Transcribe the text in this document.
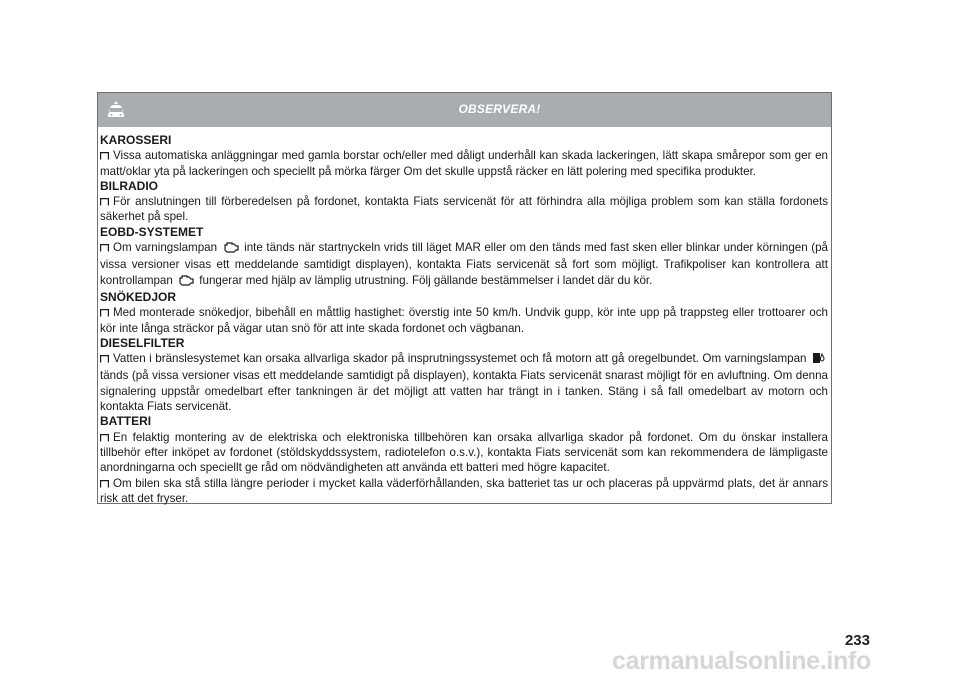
OBSERVERA!

KAROSSERI

Vissa automatiska anläggningar med gamla borstar och/eller med dåligt underhåll kan skada lackeringen, lätt skapa smårepor som ger en matt/oklar yta på lackeringen och speciellt på mörka färger Om det skulle uppstå räcker en lätt polering med specifika produkter.

BILRADIO

För anslutningen till förberedelsen på fordonet, kontakta Fiats servicenät för att förhindra alla möjliga problem som kan ställa fordonets säkerhet på spel.

EOBD-SYSTEMET

Om varningslampan inte tänds när startnyckeln vrids till läget MAR eller om den tänds med fast sken eller blinkar under körningen (på vissa versioner visas ett meddelande samtidigt displayen), kontakta Fiats servicenät så fort som möjligt. Trafikpoliser kan kontrollera att kontrollampan fungerar med hjälp av lämplig utrustning. Följ gällande bestämmelser i landet där du kör.

SNÖKEDJOR

Med monterade snökedjor, bibehåll en måttlig hastighet: överstig inte 50 km/h. Undvik gupp, kör inte upp på trappsteg eller trottoarer och kör inte långa sträckor på vägar utan snö för att inte skada fordonet och vägbanan.

DIESELFILTER

Vatten i bränslesystemet kan orsaka allvarliga skador på insprutningssystemet och få motorn att gå oregelbundet. Om varningslampan  tänds (på vissa versioner visas ett meddelande samtidigt på displayen), kontakta Fiats servicenät snarast möjligt för en avluftning. Om denna signalering uppstår omedelbart efter tankningen är det möjligt att vatten har trängt in i tanken. Stäng i så fall omedelbart av motorn och kontakta Fiats servicenät.

BATTERI

En felaktig montering av de elektriska och elektroniska tillbehören kan orsaka allvarliga skador på fordonet. Om du önskar installera tillbehör efter inköpet av fordonet (stöldskyddssystem, radiotelefon o.s.v.), kontakta Fiats servicenät som kan rekommendera de lämpligaste anordningarna och speciellt ge råd om nödvändigheten att använda ett batteri med högre kapacitet.

Om bilen ska stå stilla längre perioder i mycket kalla väderförhållanden, ska batteriet tas ur och placeras på uppvärmd plats, det är annars risk att det fryser.

233
carmanualsonline.info
